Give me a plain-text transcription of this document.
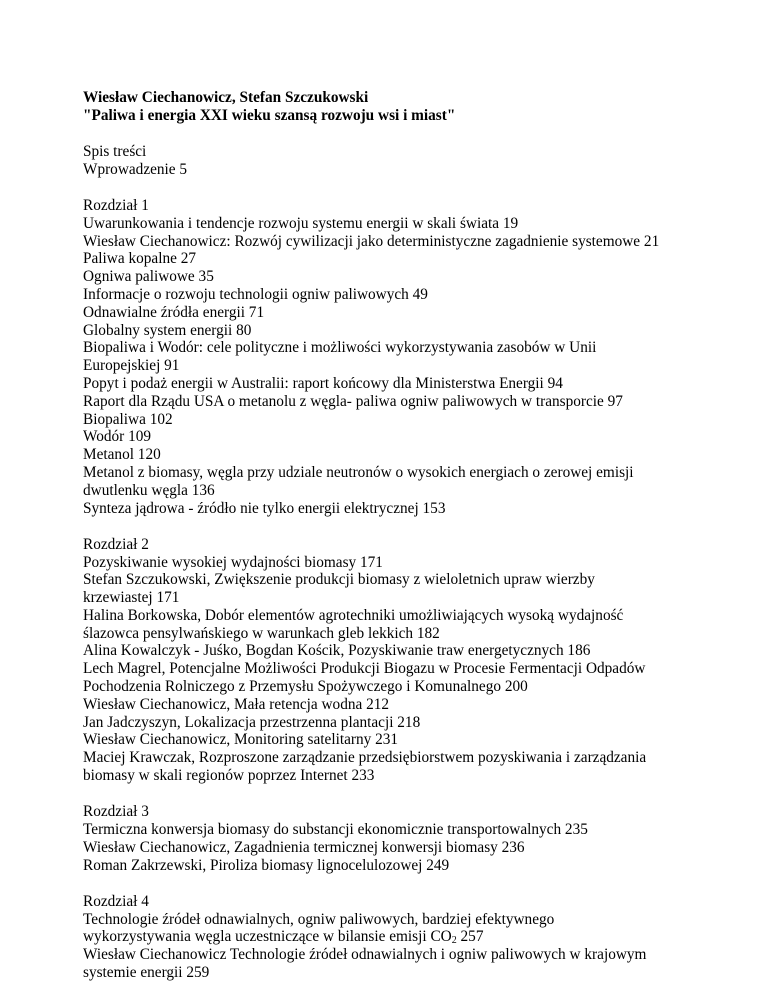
Wiesław Ciechanowicz, Stefan Szczukowski
"Paliwa i energia XXI wieku szansą rozwoju wsi i miast"
Spis treści
Wprowadzenie 5
Rozdział 1
Uwarunkowania i tendencje rozwoju systemu energii w skali świata 19
Wiesław Ciechanowicz: Rozwój cywilizacji jako deterministyczne zagadnienie systemowe 21
Paliwa kopalne 27
Ogniwa paliwowe 35
Informacje o rozwoju technologii ogniw paliwowych 49
Odnawialne źródła energii 71
Globalny system energii 80
Biopaliwa i Wodór: cele polityczne i możliwości wykorzystywania zasobów w Unii Europejskiej 91
Popyt i podaż energii w Australii: raport końcowy dla Ministerstwa Energii 94
Raport dla Rządu USA o metanolu z węgla- paliwa ogniw paliwowych w transporcie 97
Biopaliwa 102
Wodór 109
Metanol 120
Metanol z biomasy, węgla przy udziale neutronów o wysokich energiach o zerowej emisji dwutlenku węgla 136
Synteza jądrowa - źródło nie tylko energii elektrycznej 153
Rozdział 2
Pozyskiwanie wysokiej wydajności biomasy 171
Stefan Szczukowski, Zwiększenie produkcji biomasy z wieloletnich upraw wierzby krzewiastej 171
Halina Borkowska, Dobór elementów agrotechniki umożliwiających wysoką wydajność ślazowca pensylwańskiego w warunkach gleb lekkich 182
Alina Kowalczyk - Juśko, Bogdan Kościk, Pozyskiwanie traw energetycznych 186
Lech Magrel, Potencjalne Możliwości Produkcji Biogazu w Procesie Fermentacji Odpadów Pochodzenia Rolniczego z Przemysłu Spożywczego i Komunalnego 200
Wiesław Ciechanowicz, Mała retencja wodna 212
Jan Jadczyszyn, Lokalizacja przestrzenna plantacji 218
Wiesław Ciechanowicz, Monitoring satelitarny 231
Maciej Krawczak, Rozproszone zarządzanie przedsiębiorstwem pozyskiwania i zarządzania biomasy w skali regionów poprzez Internet 233
Rozdział 3
Termiczna konwersja biomasy do substancji ekonomicznie transportowalnych 235
Wiesław Ciechanowicz, Zagadnienia termicznej konwersji biomasy 236
Roman Zakrzewski, Piroliza biomasy lignocelulozowej 249
Rozdział 4
Technologie źródeł odnawialnych, ogniw paliwowych, bardziej efektywnego wykorzystywania węgla uczestniczące w bilansie emisji $CO_2$ 257
Wiesław Ciechanowicz Technologie źródeł odnawialnych i ogniw paliwowych w krajowym systemie energii 259
